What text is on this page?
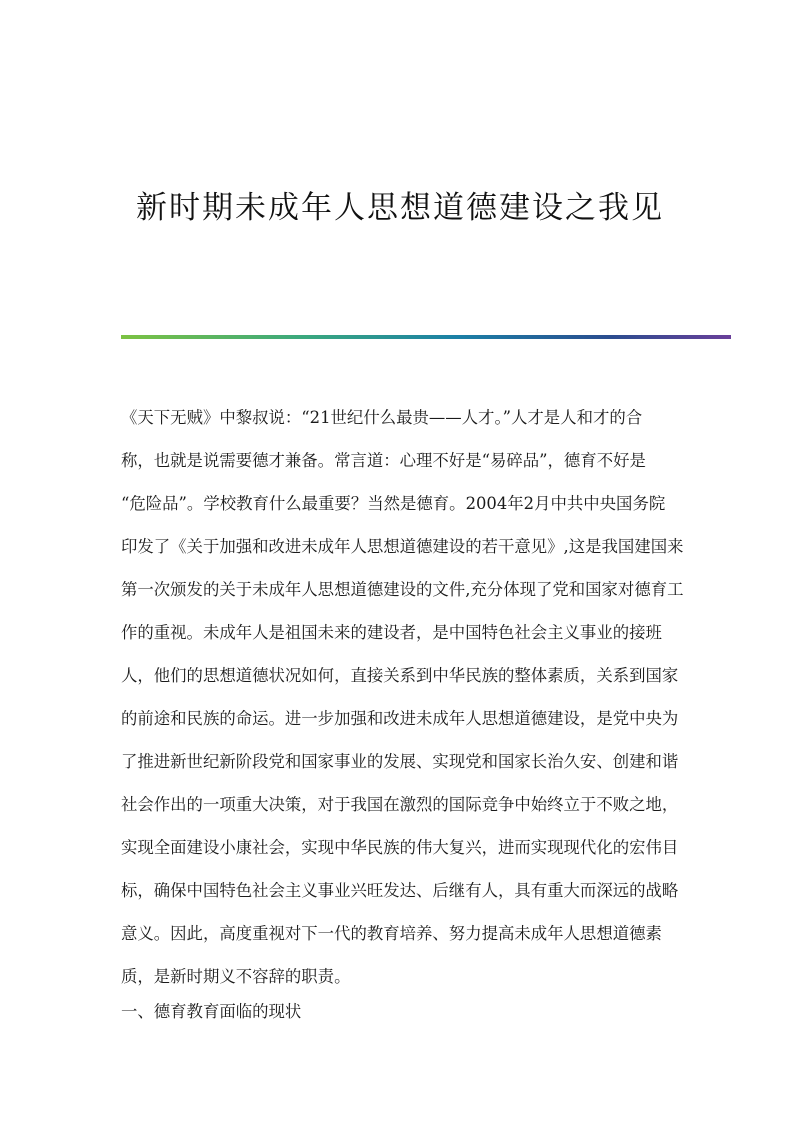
新时期未成年人思想道德建设之我见

《天下无贼》中黎叔说：“21世纪什么最贵——人才。”人才是人和才的合
称，也就是说需要德才兼备。常言道：心理不好是“易碎品”，德育不好是
“危险品”。学校教育什么最重要？当然是德育。2004年2月中共中央国务院
印发了《关于加强和改进未成年人思想道德建设的若干意见》,这是我国建国来
第一次颁发的关于未成年人思想道德建设的文件,充分体现了党和国家对德育工
作的重视。未成年人是祖国未来的建设者，是中国特色社会主义事业的接班
人，他们的思想道德状况如何，直接关系到中华民族的整体素质，关系到国家
的前途和民族的命运。进一步加强和改进未成年人思想道德建设，是党中央为
了推进新世纪新阶段党和国家事业的发展、实现党和国家长治久安、创建和谐
社会作出的一项重大决策，对于我国在激烈的国际竞争中始终立于不败之地，
实现全面建设小康社会，实现中华民族的伟大复兴，进而实现现代化的宏伟目
标，确保中国特色社会主义事业兴旺发达、后继有人，具有重大而深远的战略
意义。因此，高度重视对下一代的教育培养、努力提高未成年人思想道德素
质，是新时期义不容辞的职责。

一、德育教育面临的现状
